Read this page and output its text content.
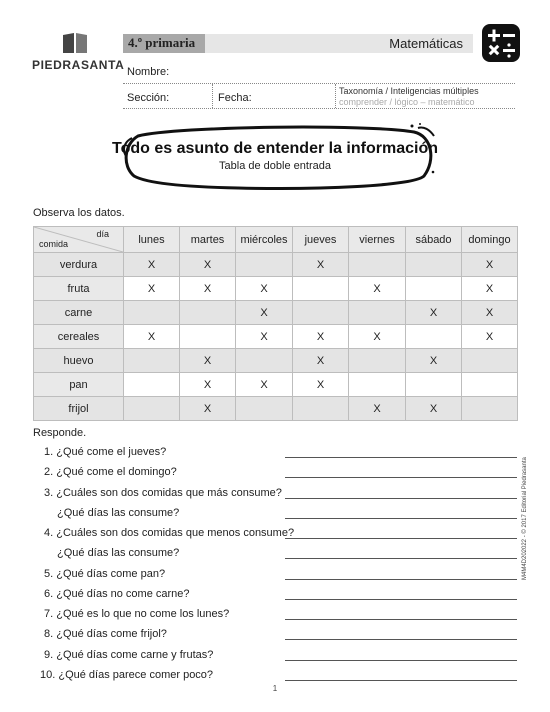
PIEDRASANTA
4.º primaria	Matemáticas
Nombre:
Sección:	Fecha:
Taxonomía / Inteligencias múltiples
comprender / lógico – matemático
Todo es asunto de entender la información
Tabla de doble entrada
Observa los datos.
día
comida	lunes	martes	miércoles	jueves	viernes	sábado	domingo
verdura	X	X		X			X
fruta	X	X	X		X		X
carne			X			X	X
cereales	X		X	X	X		X
huevo		X		X		X	
pan		X	X	X			
frijol		X			X	X	
Responde.
1. ¿Qué come el jueves?
2. ¿Qué come el domingo?
3. ¿Cuáles son dos comidas que más consume?
¿Qué días las consume?
4. ¿Cuáles son dos comidas que menos consume?
¿Qué días las consume?
5. ¿Qué días come pan?
6. ¿Qué días no come carne?
7. ¿Qué es lo que no come los lunes?
8. ¿Qué días come frijol?
9. ¿Qué días come carne y frutas?
10. ¿Qué días parece comer poco?
M4M4D202022 - © 2017 Editorial Piedrasanta
1
